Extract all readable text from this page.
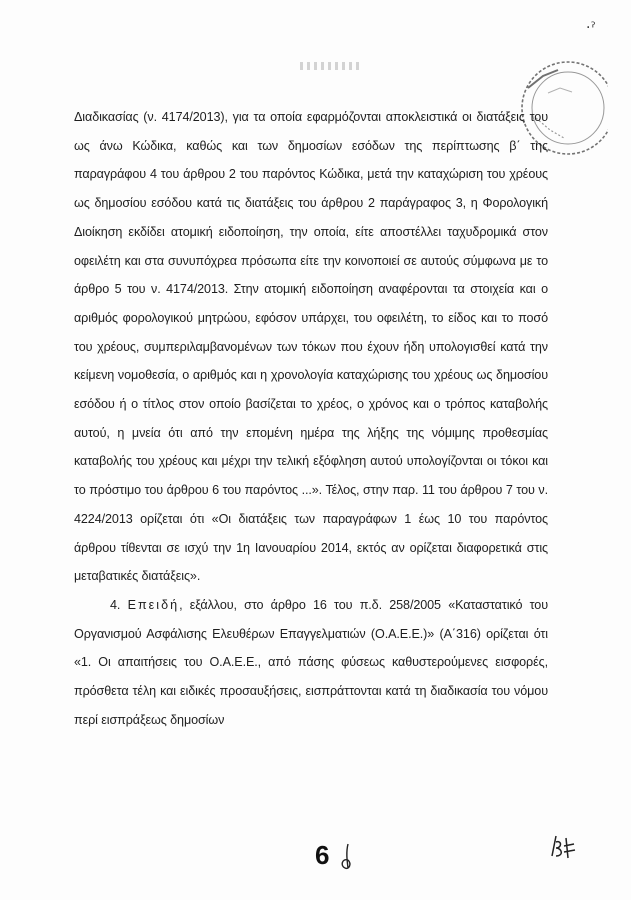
·ˀ

Διαδικασίας (ν. 4174/2013), για τα οποία εφαρμόζονται αποκλειστικά οι διατάξεις του ως άνω Κώδικα, καθώς και των δημοσίων εσόδων της περίπτωσης β΄ της παραγράφου 4 του άρθρου 2 του παρόντος Κώδικα, μετά την καταχώριση του χρέους ως δημοσίου εσόδου κατά τις διατάξεις του άρθρου 2 παράγραφος 3, η Φορολογική Διοίκηση εκδίδει ατομική ειδοποίηση, την οποία, είτε αποστέλλει ταχυδρομικά στον οφειλέτη και στα συνυπόχρεα πρόσωπα είτε την κοινοποιεί σε αυτούς σύμφωνα με το άρθρο 5 του ν. 4174/2013. Στην ατομική ειδοποίηση αναφέρονται τα στοιχεία και ο αριθμός φορολογικού μητρώου, εφόσον υπάρχει, του οφειλέτη, το είδος και το ποσό του χρέους, συμπεριλαμβανομένων των τόκων που έχουν ήδη υπολογισθεί κατά την κείμενη νομοθεσία, ο αριθμός και η χρονολογία καταχώρισης του χρέους ως δημοσίου εσόδου ή ο τίτλος στον οποίο βασίζεται το χρέος, ο χρόνος και ο τρόπος καταβολής αυτού, η μνεία ότι από την επομένη ημέρα της λήξης της νόμιμης προθεσμίας καταβολής του χρέους και μέχρι την τελική εξόφληση αυτού υπολογίζονται οι τόκοι και το πρόστιμο του άρθρου 6 του παρόντος ...». Τέλος, στην παρ. 11 του άρθρου 7 του ν. 4224/2013 ορίζεται ότι «Οι διατάξεις των παραγράφων 1 έως 10 του παρόντος άρθρου τίθενται σε ισχύ την 1η Ιανουαρίου 2014, εκτός αν ορίζεται διαφορετικά στις μεταβατικές διατάξεις».

4. Επειδή, εξάλλου, στο άρθρο 16 του π.δ. 258/2005 «Καταστατικό του Οργανισμού Ασφάλισης Ελευθέρων Επαγγελματιών (Ο.Α.Ε.Ε.)» (Α΄316) ορίζεται ότι «1. Οι απαιτήσεις του Ο.Α.Ε.Ε., από πάσης φύσεως καθυστερούμενες εισφορές, πρόσθετα τέλη και ειδικές προσαυξήσεις, εισπράττονται κατά τη διαδικασία του νόμου περί εισπράξεως δημοσίων

6
